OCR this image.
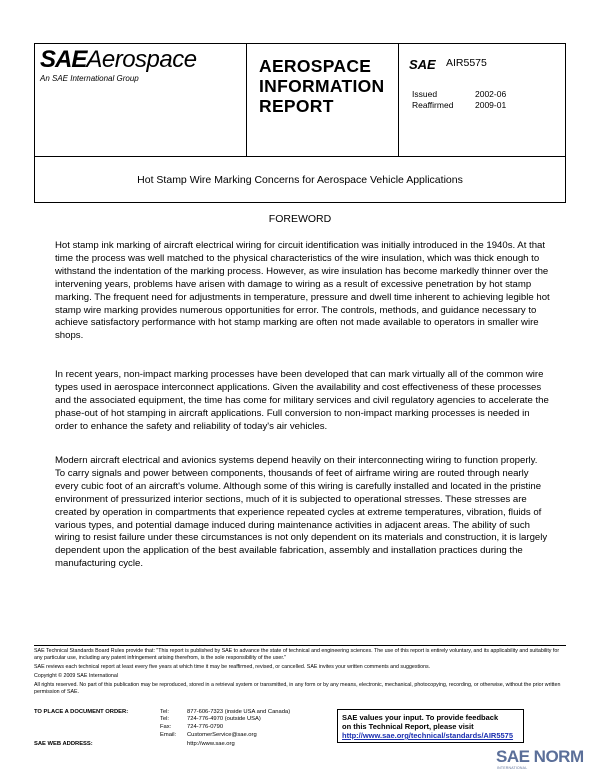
SAEAerospace
An SAE International Group
AEROSPACE
INFORMATION
REPORT
SAE AIR5575
Issued	2002-06
Reaffirmed	2009-01
Hot Stamp Wire Marking Concerns for Aerospace Vehicle Applications
FOREWORD
Hot stamp ink marking of aircraft electrical wiring for circuit identification was initially introduced in the 1940s. At that time the process was well matched to the physical characteristics of the wire insulation, which was thick enough to withstand the indentation of the marking process. However, as wire insulation has become markedly thinner over the intervening years, problems have arisen with damage to wiring as a result of excessive penetration by hot stamp marking. The frequent need for adjustments in temperature, pressure and dwell time inherent to achieving legible hot stamp wire marking provides numerous opportunities for error. The controls, methods, and guidance necessary to achieve satisfactory performance with hot stamp marking are often not made available to operators in smaller wire shops.
In recent years, non-impact marking processes have been developed that can mark virtually all of the common wire types used in aerospace interconnect applications. Given the availability and cost effectiveness of these processes and the associated equipment, the time has come for military services and civil regulatory agencies to accelerate the phase-out of hot stamping in aircraft applications. Full conversion to non-impact marking processes is needed in order to enhance the safety and reliability of today's air vehicles.
Modern aircraft electrical and avionics systems depend heavily on their interconnecting wiring to function properly. To carry signals and power between components, thousands of feet of airframe wiring are routed through nearly every cubic foot of an aircraft's volume. Although some of this wiring is carefully installed and located in the pristine environment of pressurized interior sections, much of it is subjected to operational stresses. These stresses are created by operation in compartments that experience repeated cycles at extreme temperatures, vibration, fluids of various types, and potential damage induced during maintenance activities in adjacent areas. The ability of such wiring to resist failure under these circumstances is not only dependent on its materials and construction, it is largely dependent upon the application of the best available fabrication, assembly and installation practices during the manufacturing cycle.
SAE Technical Standards Board Rules provide that: "This report is published by SAE to advance the state of technical and engineering sciences. The use of this report is entirely voluntary, and its applicability and suitability for any particular use, including any patent infringement arising therefrom, is the sole responsibility of the user."
SAE reviews each technical report at least every five years at which time it may be reaffirmed, revised, or cancelled. SAE invites your written comments and suggestions.
Copyright © 2009 SAE International
All rights reserved. No part of this publication may be reproduced, stored in a retrieval system or transmitted, in any form or by any means, electronic, mechanical, photocopying, recording, or otherwise, without the prior written permission of SAE.
TO PLACE A DOCUMENT ORDER:	Tel:	877-606-7323 (inside USA and Canada)
Tel:	724-776-4970 (outside USA)
Fax:	724-776-0790
Email: CustomerService@sae.org
SAE WEB ADDRESS:	http://www.sae.org
SAE values your input. To provide feedback
on this Technical Report, please visit
http://www.sae.org/technical/standards/AIR5575
SAE NORM
INTERNATIONAL
